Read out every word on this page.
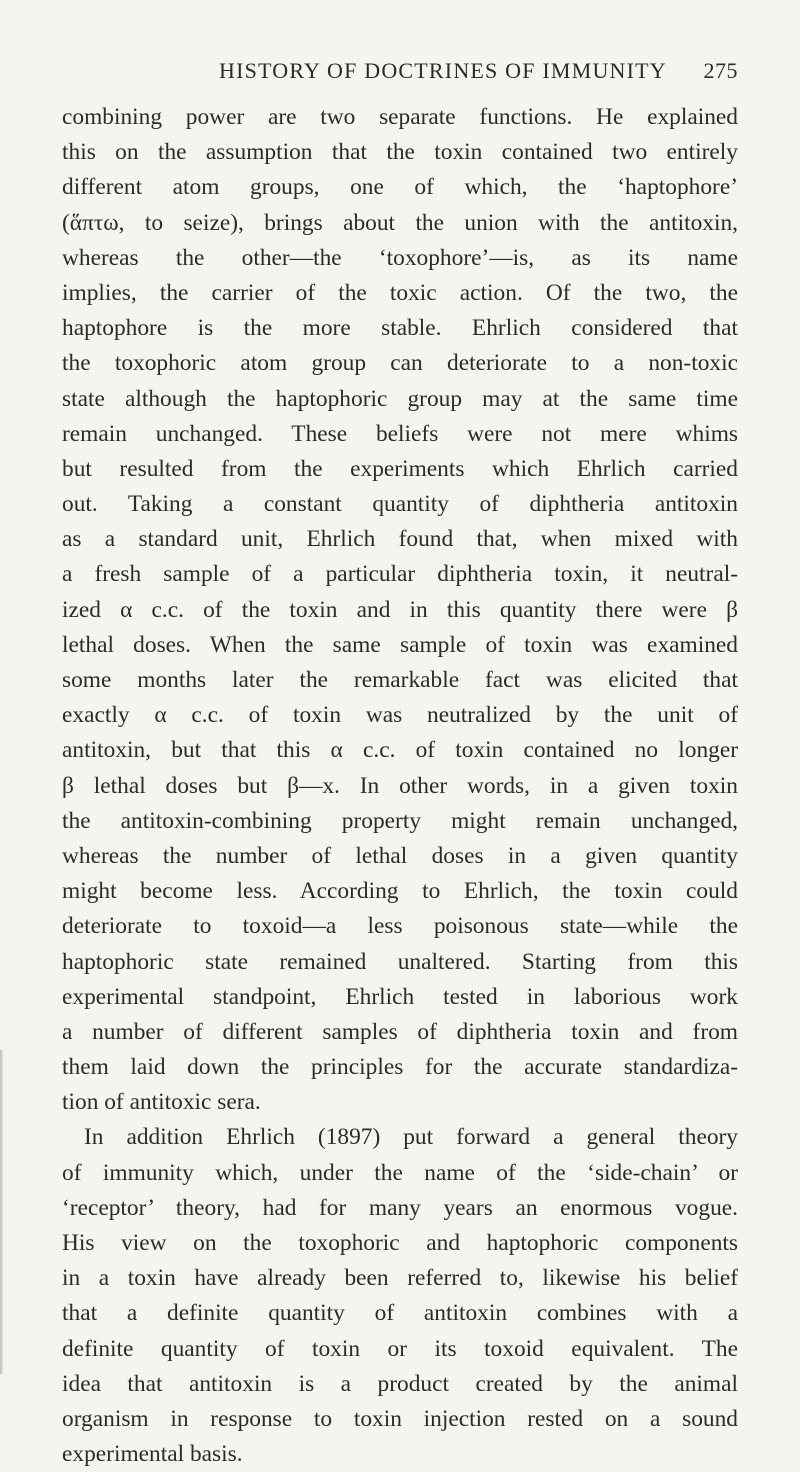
HISTORY OF DOCTRINES OF IMMUNITY 275
combining power are two separate functions. He explained
this on the assumption that the toxin contained two entirely
different atom groups, one of which, the ‘haptophore’
(ἅπτω, to seize), brings about the union with the antitoxin,
whereas the other—the ‘toxophore’—is, as its name
implies, the carrier of the toxic action. Of the two, the
haptophore is the more stable. Ehrlich considered that
the toxophoric atom group can deteriorate to a non-toxic
state although the haptophoric group may at the same time
remain unchanged. These beliefs were not mere whims
but resulted from the experiments which Ehrlich carried
out. Taking a constant quantity of diphtheria antitoxin
as a standard unit, Ehrlich found that, when mixed with
a fresh sample of a particular diphtheria toxin, it neutral-
ized α c.c. of the toxin and in this quantity there were β
lethal doses. When the same sample of toxin was examined
some months later the remarkable fact was elicited that
exactly α c.c. of toxin was neutralized by the unit of
antitoxin, but that this α c.c. of toxin contained no longer
β lethal doses but β—x. In other words, in a given toxin
the antitoxin-combining property might remain unchanged,
whereas the number of lethal doses in a given quantity
might become less. According to Ehrlich, the toxin could
deteriorate to toxoid—a less poisonous state—while the
haptophoric state remained unaltered. Starting from this
experimental standpoint, Ehrlich tested in laborious work
a number of different samples of diphtheria toxin and from
them laid down the principles for the accurate standardiza-
tion of antitoxic sera.
In addition Ehrlich (1897) put forward a general theory
of immunity which, under the name of the ‘side-chain’ or
‘receptor’ theory, had for many years an enormous vogue.
His view on the toxophoric and haptophoric components
in a toxin have already been referred to, likewise his belief
that a definite quantity of antitoxin combines with a
definite quantity of toxin or its toxoid equivalent. The
idea that antitoxin is a product created by the animal
organism in response to toxin injection rested on a sound
experimental basis.
